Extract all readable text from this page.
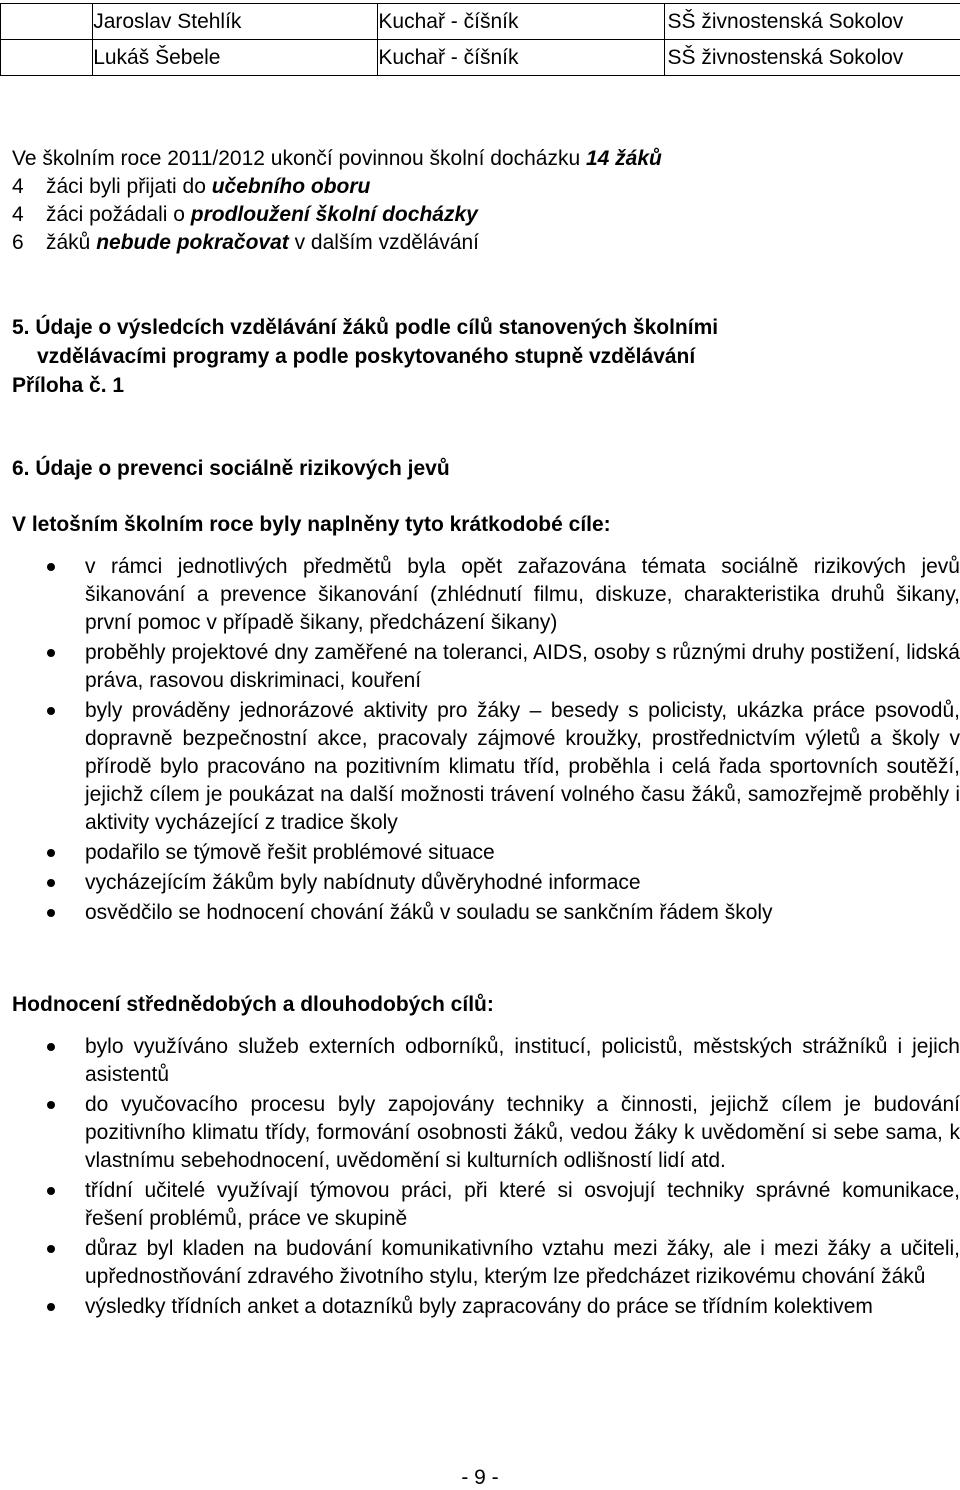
	Jaroslav Stehlík	Kuchař - číšník	SŠ živnostenská Sokolov
	Lukáš Šebele	Kuchař - číšník	SŠ živnostenská Sokolov
Ve školním roce 2011/2012 ukončí povinnou školní docházku 14 žáků
4 žáci byli přijati do učebního oboru
4 žáci požádali o prodloužení školní docházky
6 žáků nebude pokračovat v dalším vzdělávání
5. Údaje o výsledcích vzdělávání žáků podle cílů stanovených školními
vzdělávacími programy a podle poskytovaného stupně vzdělávání
Příloha č. 1
6. Údaje o prevenci sociálně rizikových jevů
V letošním školním roce byly naplněny tyto krátkodobé cíle:
v rámci jednotlivých předmětů byla opět zařazována témata sociálně rizikových jevů šikanování a prevence šikanování (zhlédnutí filmu, diskuze, charakteristika druhů šikany, první pomoc v případě šikany, předcházení šikany)
proběhly projektové dny zaměřené na toleranci, AIDS, osoby s různými druhy postižení, lidská práva, rasovou diskriminaci, kouření
byly prováděny jednorázové aktivity pro žáky – besedy s policisty, ukázka práce psovodů, dopravně bezpečnostní akce, pracovaly zájmové kroužky, prostřednictvím výletů a školy v přírodě bylo pracováno na pozitivním klimatu tříd, proběhla i celá řada sportovních soutěží, jejichž cílem je poukázat na další možnosti trávení volného času žáků, samozřejmě proběhly i aktivity vycházející z tradice školy
podařilo se týmově řešit problémové situace
vycházejícím žákům byly nabídnuty důvěryhodné informace
osvědčilo se hodnocení chování žáků v souladu se sankčním řádem školy
Hodnocení střednědobých a dlouhodobých cílů:
bylo využíváno služeb externích odborníků, institucí, policistů, městských strážníků i jejich asistentů
do vyučovacího procesu byly zapojovány techniky a činnosti, jejichž cílem je budování pozitivního klimatu třídy, formování osobnosti žáků, vedou žáky k uvědomění si sebe sama, k vlastnímu sebehodnocení, uvědomění si kulturních odlišností lidí atd.
třídní učitelé využívají týmovou práci, při které si osvojují techniky správné komunikace, řešení problémů, práce ve skupině
důraz byl kladen na budování komunikativního vztahu mezi žáky, ale i mezi žáky a učiteli, upřednostňování zdravého životního stylu, kterým lze předcházet rizikovému chování žáků
výsledky třídních anket a dotazníků byly zapracovány do práce se třídním kolektivem
- 9 -
